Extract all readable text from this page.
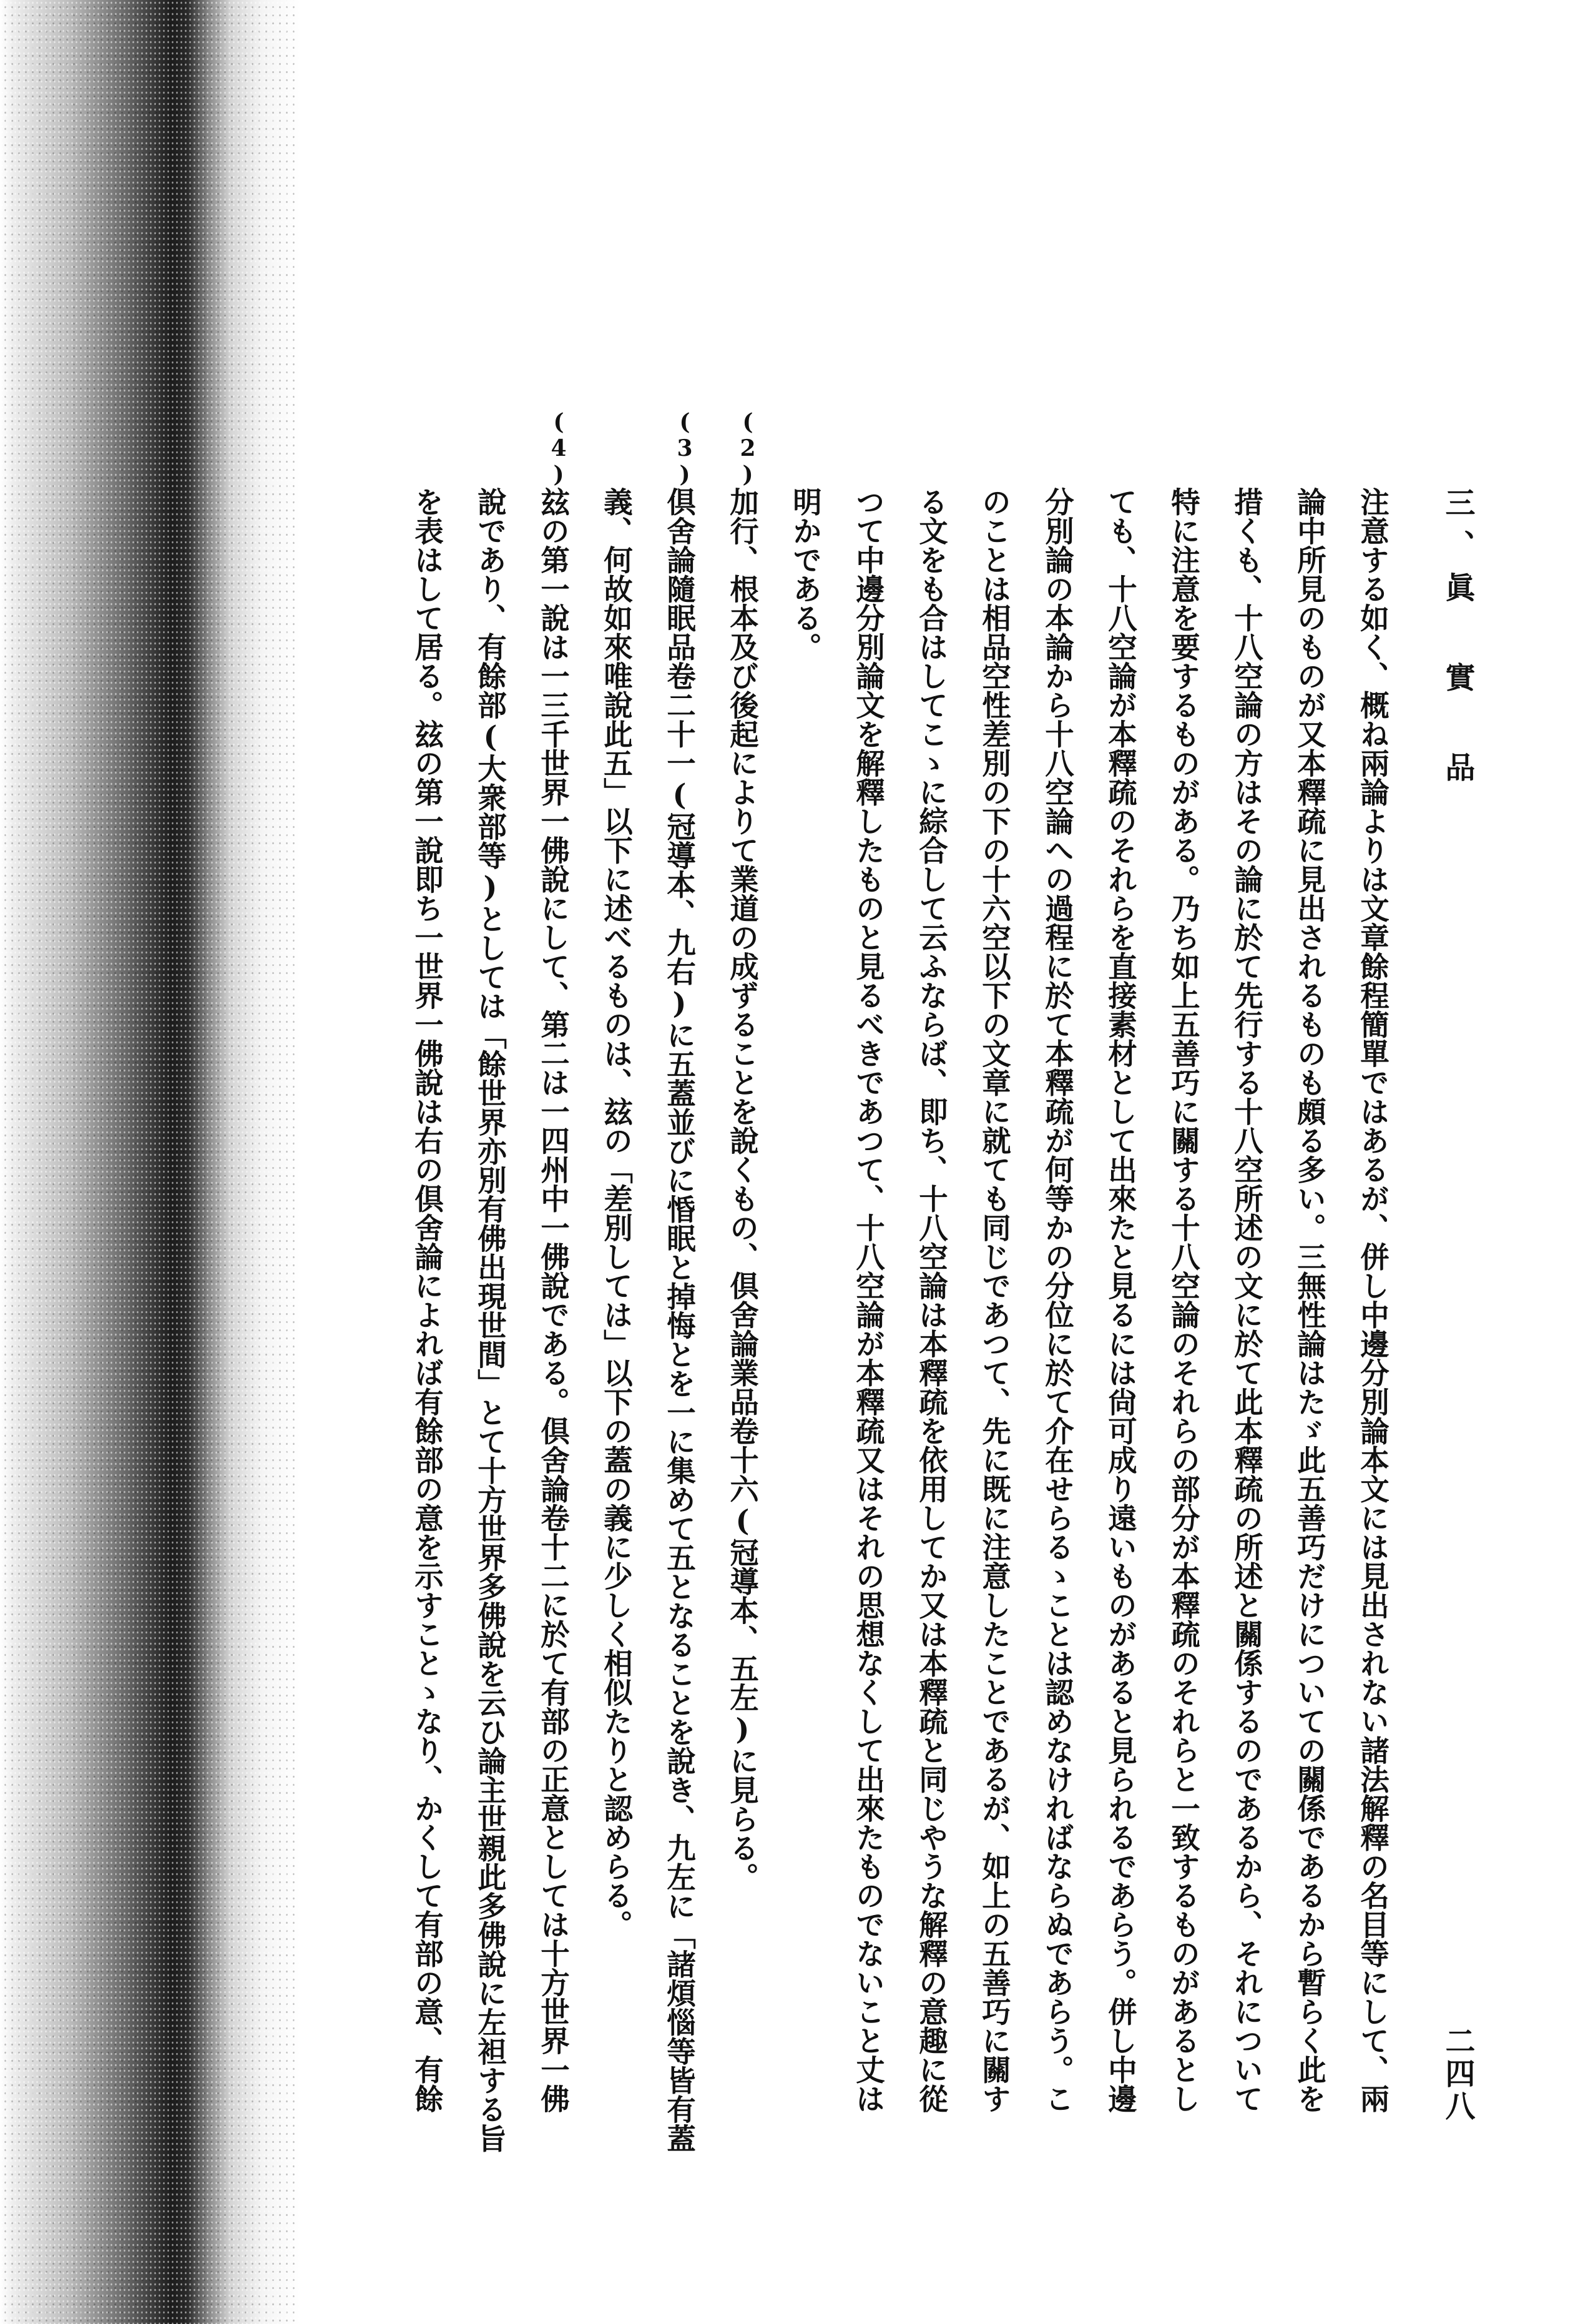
三、眞 實 品
二四八
注意する如く、概ね兩論よりは文章餘程簡單ではあるが、併し中邊分別論本文には見出されない諸法解釋の名目等にして、兩
論中所見のものが又本釋疏に見出されるものも頗る多い。三無性論はたゞ此五善巧だけについての關係であるから暫らく此を
措くも、十八空論の方はその論に於て先行する十八空所述の文に於て此本釋疏の所述と關係するのであるから、それについて
特に注意を要するものがある。乃ち如上五善巧に關する十八空論のそれらの部分が本釋疏のそれらと一致するものがあるとし
ても、十八空論が本釋疏のそれらを直接素材として出來たと見るには尙可成り遠いものがあると見られるであらう。併し中邊
分別論の本論から十八空論への過程に於て本釋疏が何等かの分位に於て介在せらるゝことは認めなければならぬであらう。こ
のことは相品空性差別の下の十六空以下の文章に就ても同じであつて、先に既に注意したことであるが、如上の五善巧に關す
る文をも合はしてこゝに綜合して云ふならば、即ち、十八空論は本釋疏を依用してか又は本釋疏と同じやうな解釋の意趣に從
つて中邊分別論文を解釋したものと見るべきであつて、十八空論が本釋疏又はそれの思想なくして出來たものでないこと丈は
明かである。
(2)
加行、根本及び後起によりて業道の成ずることを說くもの、倶舍論業品卷十六(冠導本、五左)に見らる。
(3)
倶舍論隨眠品卷二十一(冠導本、九右)に五蓋並びに惛眠と掉悔とを一に集めて五となることを說き、九左に「諸煩惱等皆有蓋
義、何故如來唯說此五」以下に述べるものは、玆の「差別しては」以下の蓋の義に少しく相似たりと認めらる。
(4)
玆の第一說は一三千世界一佛說にして、第二は一四州中一佛說である。倶舍論卷十二に於て有部の正意としては十方世界一佛
說であり、有餘部(大衆部等)としては「餘世界亦別有佛出現世間」とて十方世界多佛說を云ひ論主世親此多佛說に左袒する旨
を表はして居る。玆の第一說即ち一世界一佛說は右の倶舍論によれば有餘部の意を示すことゝなり、かくして有部の意、有餘
